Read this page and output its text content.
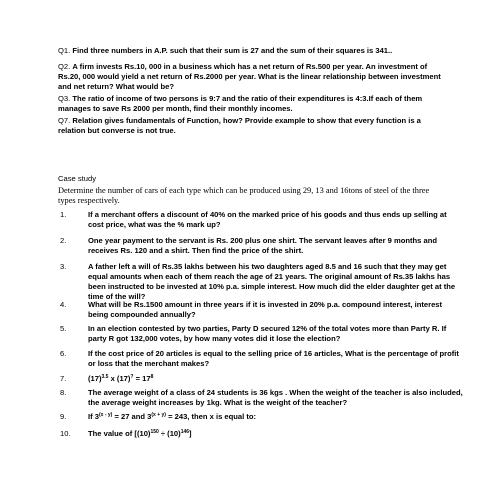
Q1. Find three numbers in A.P. such that their sum is 27 and the sum of their squares is 341..
Q2. A firm invests Rs.10, 000 in a business which has a net return of Rs.500 per year. An investment of Rs.20, 000 would yield a net return of Rs.2000 per year. What is the linear relationship between investment and net return? What would be?
Q3. The ratio of income of two persons is 9:7 and the ratio of their expenditures is 4:3.If each of them manages to save Rs 2000 per month, find their monthly incomes.
Q7. Relation gives fundamentals of Function, how? Provide example to show that every function is a relation but converse is not true.
Case study
Determine the number of cars of each type which can be produced using 29, 13 and 16tons of steel of the three types respectively.
1.	If a merchant offers a discount of 40% on the marked price of his goods and thus ends up selling at cost price, what was the % mark up?
2.	One year payment to the servant is Rs. 200 plus one shirt. The servant leaves after 9 months and receives Rs. 120 and a shirt. Then find the price of the shirt.
3.	A father left a will of Rs.35 lakhs between his two daughters aged 8.5 and 16 such that they may get equal amounts when each of them reach the age of 21 years. The original amount of Rs.35 lakhs has been instructed to be invested at 10% p.a. simple interest. How much did the elder daughter get at the time of the will?
4.	What will be Rs.1500 amount in three years if it is invested in 20% p.a. compound interest, interest being compounded annually?
5.	In an election contested by two parties, Party D secured 12% of the total votes more than Party R. If party R got 132,000 votes, by how many votes did it lose the election?
6.	If the cost price of 20 articles is equal to the selling price of 16 articles, What is the percentage of profit or loss that the merchant makes?
7.	$(17)^{3.5}$ x $(17)^? = 17^8$
8.	The average weight of a class of 24 students is 36 kgs . When the weight of the teacher is also included, the average weight increases by 1kg. What is the weight of the teacher?
9.	If $3^{(x - y)} = 27$ and $3^{(x + y)} = 243$, then x is equal to:
10. The value of $[(10)^{150} \div (10)^{146}]$
